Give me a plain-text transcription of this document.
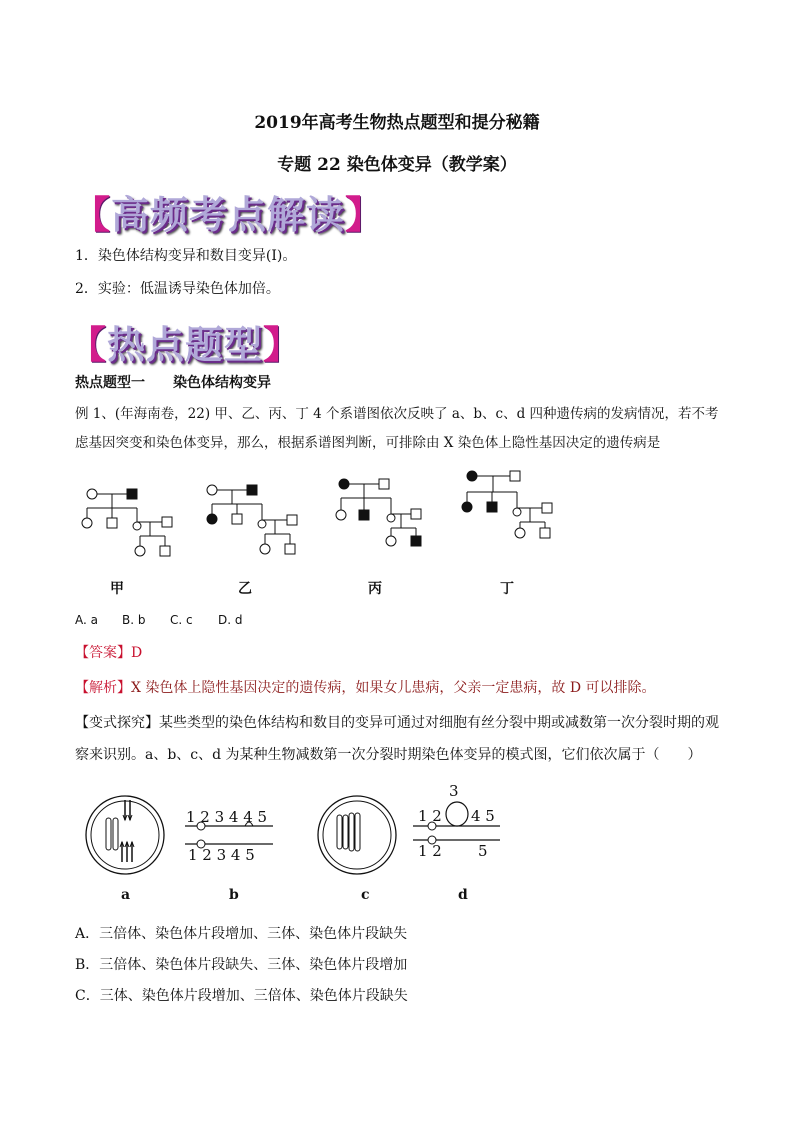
2019年高考生物热点题型和提分秘籍
专题 22 染色体变异（教学案）
【高频考点解读】
1．染色体结构变异和数目变异(Ⅰ)。
2．实验：低温诱导染色体加倍。
【热点题型】
热点题型一　　染色体结构变异
例 1、(年海南卷，22) 甲、乙、丙、丁 4 个系谱图依次反映了 a、b、c、d 四种遗传病的发病情况，若不考
虑基因突变和染色体变异，那么，根据系谱图判断，可排除由 X 染色体上隐性基因决定的遗传病是
甲	乙	丙	丁
A. a B. b C. c D. d
【答案】D
【解析】X 染色体上隐性基因决定的遗传病，如果女儿患病，父亲一定患病，故 D 可以排除。
【变式探究】某些类型的染色体结构和数目的变异可通过对细胞有丝分裂中期或减数第一次分裂时期的观
察来识别。a、b、c、d 为某种生物减数第一次分裂时期染色体变异的模式图，它们依次属于（　　）
1 2 3 4 4 5
1 2 3 4 5
3
1 2 4 5
1 2 5
a	b	c	d
A．三倍体、染色体片段增加、三体、染色体片段缺失
B．三倍体、染色体片段缺失、三体、染色体片段增加
C．三体、染色体片段增加、三倍体、染色体片段缺失
